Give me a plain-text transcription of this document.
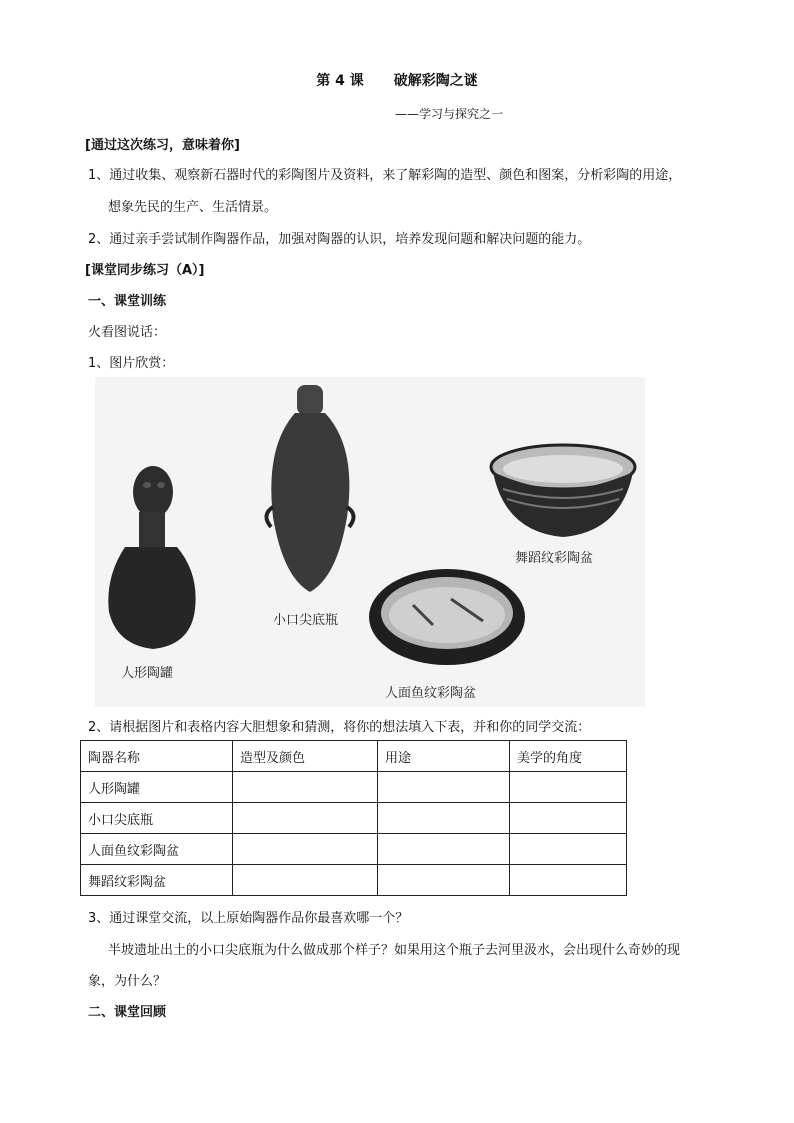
第 4 课 破解彩陶之谜
——学习与探究之一
[通过这次练习，意味着你]
1、通过收集、观察新石器时代的彩陶图片及资料，来了解彩陶的造型、颜色和图案，分析彩陶的用途，
想象先民的生产、生活情景。
2、通过亲手尝试制作陶器作品，加强对陶器的认识，培养发现问题和解决问题的能力。
[课堂同步练习（A）]
一、课堂训练
火看图说话：
1、图片欣赏：
人形陶罐
小口尖底瓶
舞蹈纹彩陶盆
人面鱼纹彩陶盆
2、请根据图片和表格内容大胆想象和猜测，将你的想法填入下表，并和你的同学交流：
陶器名称	造型及颜色	用途	美学的角度
人形陶罐			
小口尖底瓶			
人面鱼纹彩陶盆			
舞蹈纹彩陶盆			
3、通过课堂交流，以上原始陶器作品你最喜欢哪一个？
半坡遗址出土的小口尖底瓶为什么做成那个样子？如果用这个瓶子去河里汲水，会出现什么奇妙的现
象，为什么？
二、课堂回顾
